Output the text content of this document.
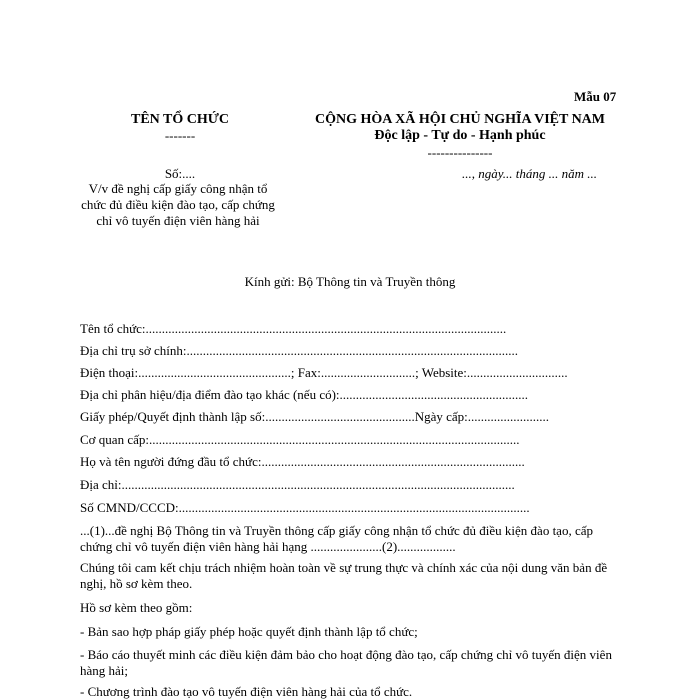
Mẫu 07
TÊN TỔ CHỨC
-------
CỘNG HÒA XÃ HỘI CHỦ NGHĨA VIỆT NAM
Độc lập - Tự do - Hạnh phúc
---------------
Số:....	..., ngày... tháng ... năm ...
V/v đề nghị cấp giấy công nhận tổ chức đủ điều kiện đào tạo, cấp chứng chỉ vô tuyến điện viên hàng hải
Kính gửi: Bộ Thông tin và Truyền thông
Tên tổ chức:...............................................................................................................
Địa chỉ trụ sở chính:......................................................................................................
Điện thoại:...............................................; Fax:.............................; Website:...............................
Địa chỉ phân hiệu/địa điểm đào tạo khác (nếu có):..........................................................
Giấy phép/Quyết định thành lập số:..............................................Ngày cấp:.........................
Cơ quan cấp:..................................................................................................................
Họ và tên người đứng đầu tổ chức:.................................................................................
Địa chỉ:.........................................................................................................................
Số CMND/CCCD:............................................................................................................
...(1)...đề nghị Bộ Thông tin và Truyền thông cấp giấy công nhận tổ chức đủ điều kiện đào tạo, cấp chứng chỉ vô tuyến điện viên hàng hải hạng ......................(2)..................
Chúng tôi cam kết chịu trách nhiệm hoàn toàn về sự trung thực và chính xác của nội dung văn bản đề nghị, hồ sơ kèm theo.
Hồ sơ kèm theo gồm:
- Bản sao hợp pháp giấy phép hoặc quyết định thành lập tổ chức;
- Báo cáo thuyết minh các điều kiện đảm bảo cho hoạt động đào tạo, cấp chứng chỉ vô tuyến điện viên hàng hải;
- Chương trình đào tạo vô tuyến điện viên hàng hải của tổ chức.
